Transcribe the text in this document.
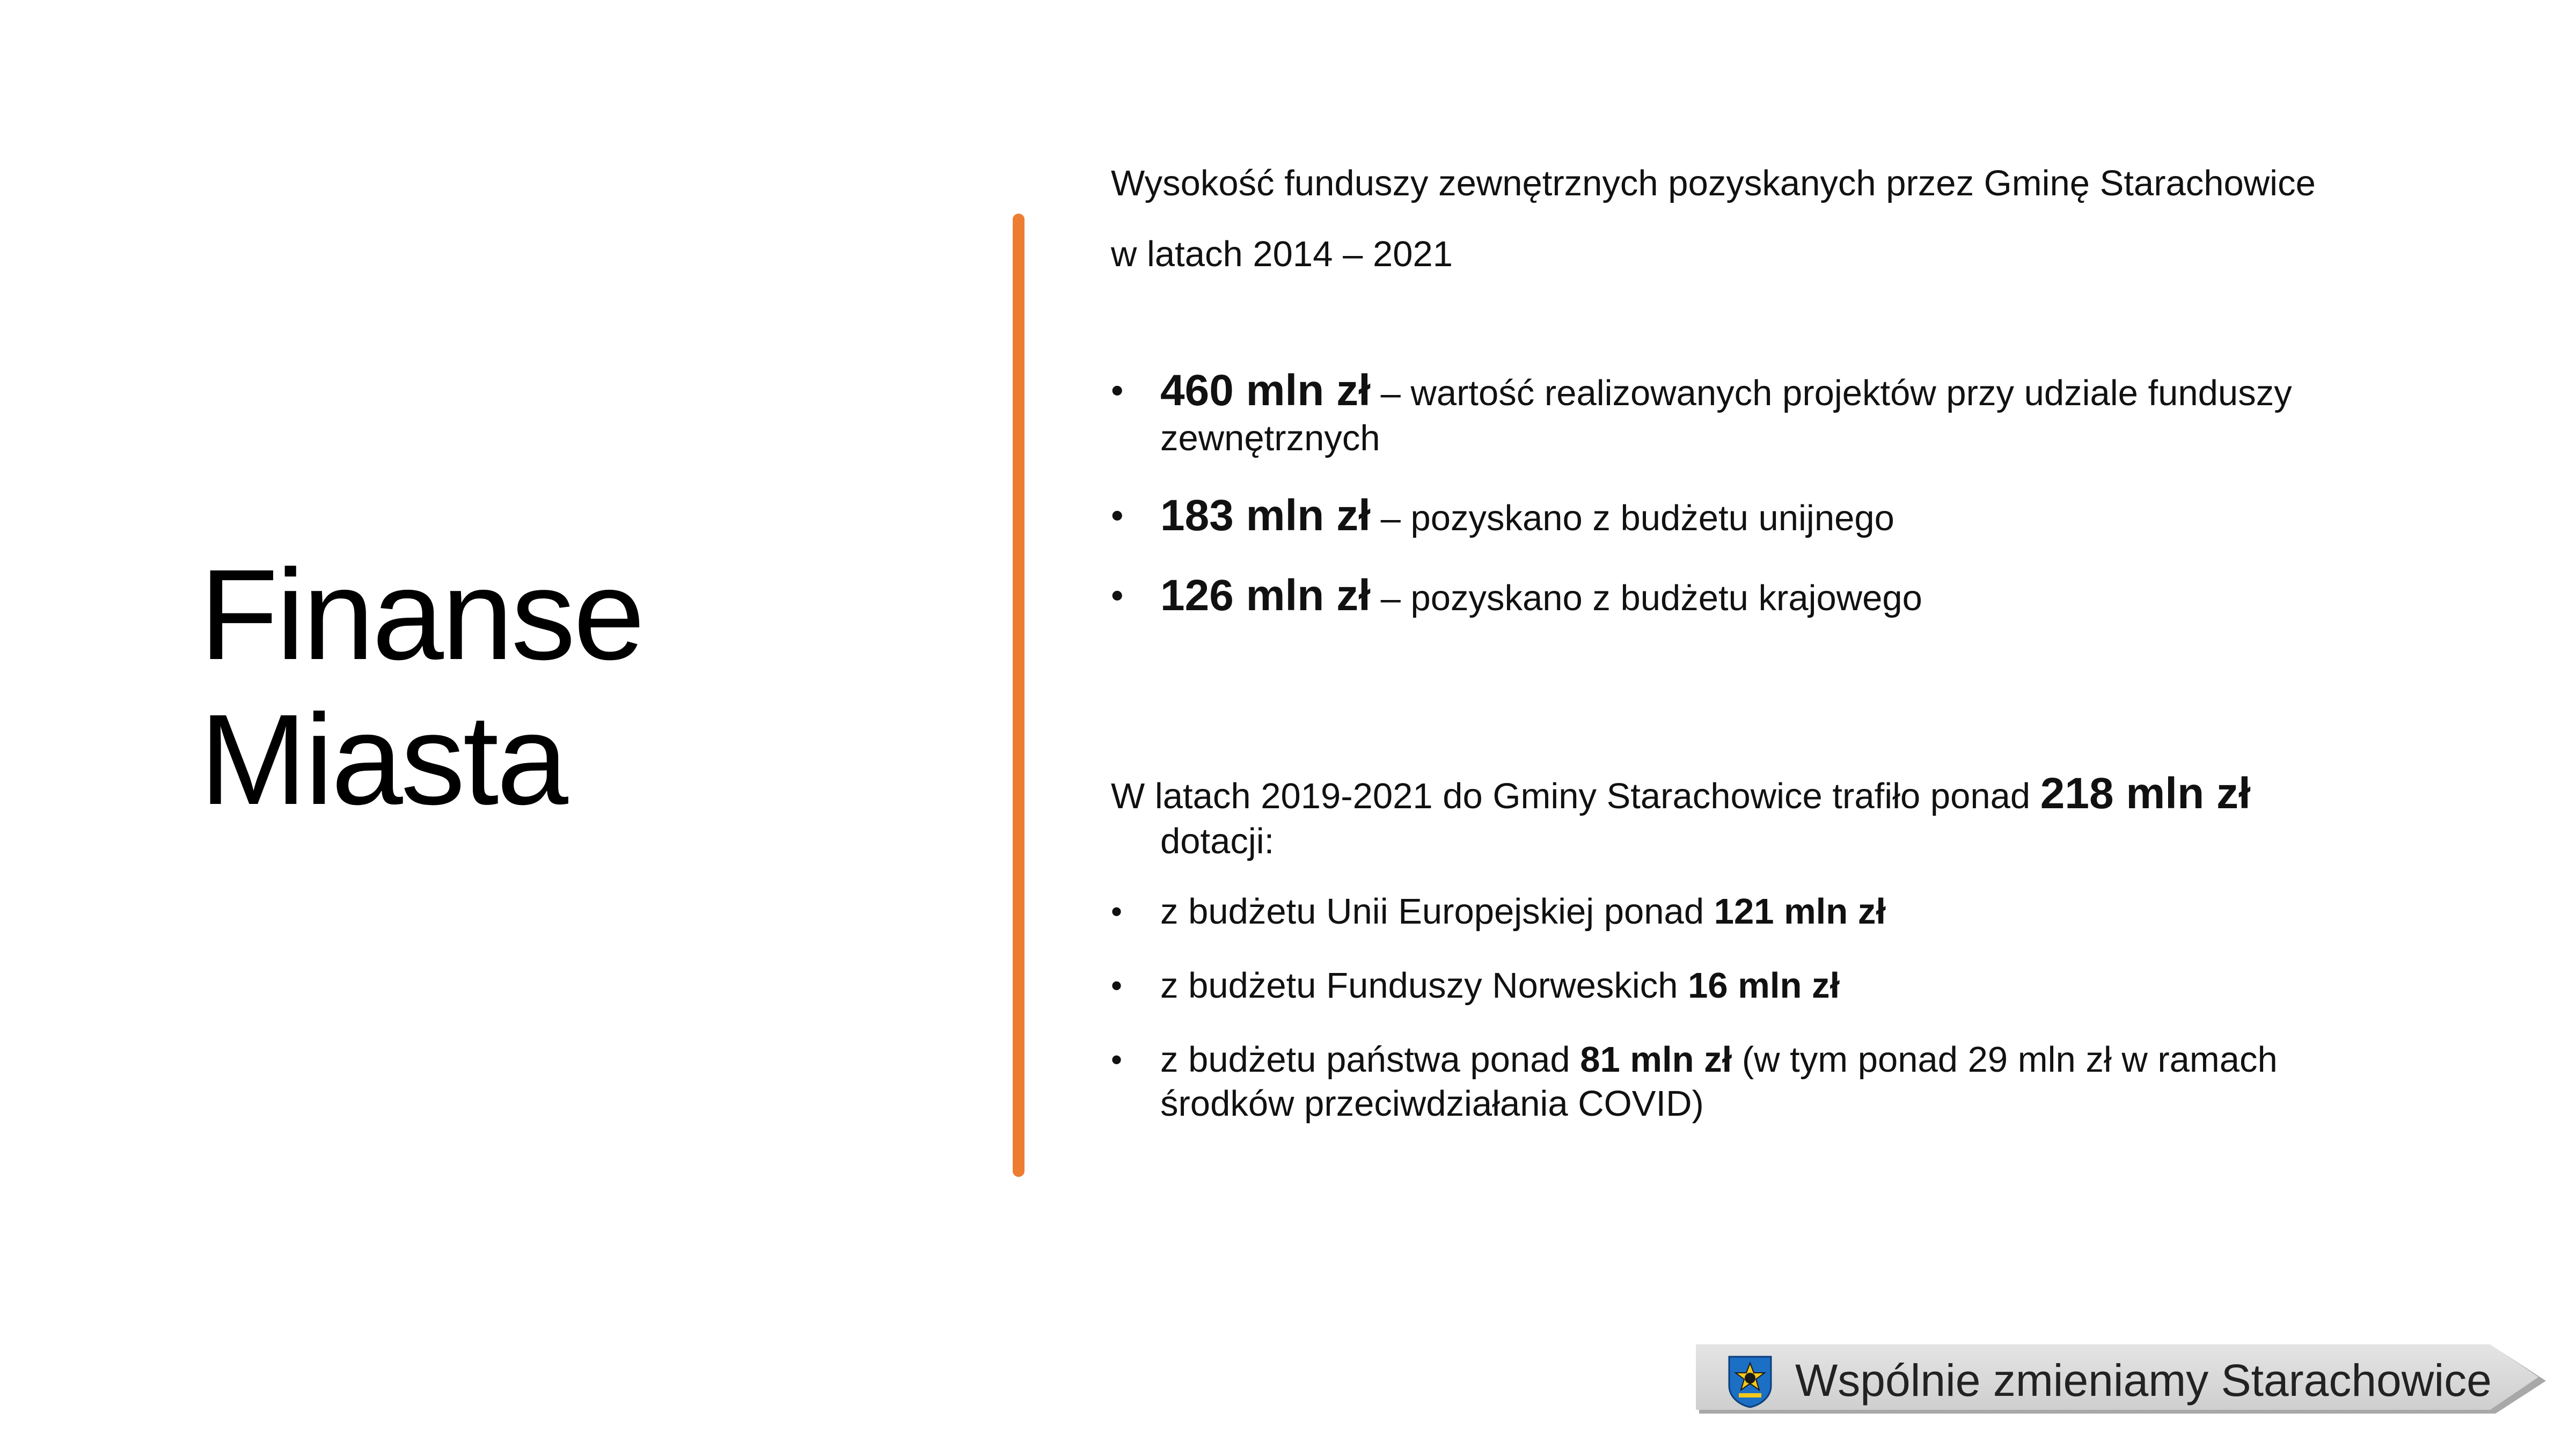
Finanse
Miasta

Wysokość funduszy zewnętrznych pozyskanych przez Gminę Starachowice

w latach 2014 – 2021

• 460 mln zł – wartość realizowanych projektów przy udziale funduszy zewnętrznych
• 183 mln zł – pozyskano z budżetu unijnego
• 126 mln zł – pozyskano z budżetu krajowego
W latach 2019-2021 do Gminy Starachowice trafiło ponad 218 mln zł dotacji:
• z budżetu Unii Europejskiej ponad 121 mln zł
• z budżetu Funduszy Norweskich 16 mln zł
• z budżetu państwa ponad 81 mln zł (w tym ponad 29 mln zł w ramach środków przeciwdziałania COVID)
Wspólnie zmieniamy Starachowice
